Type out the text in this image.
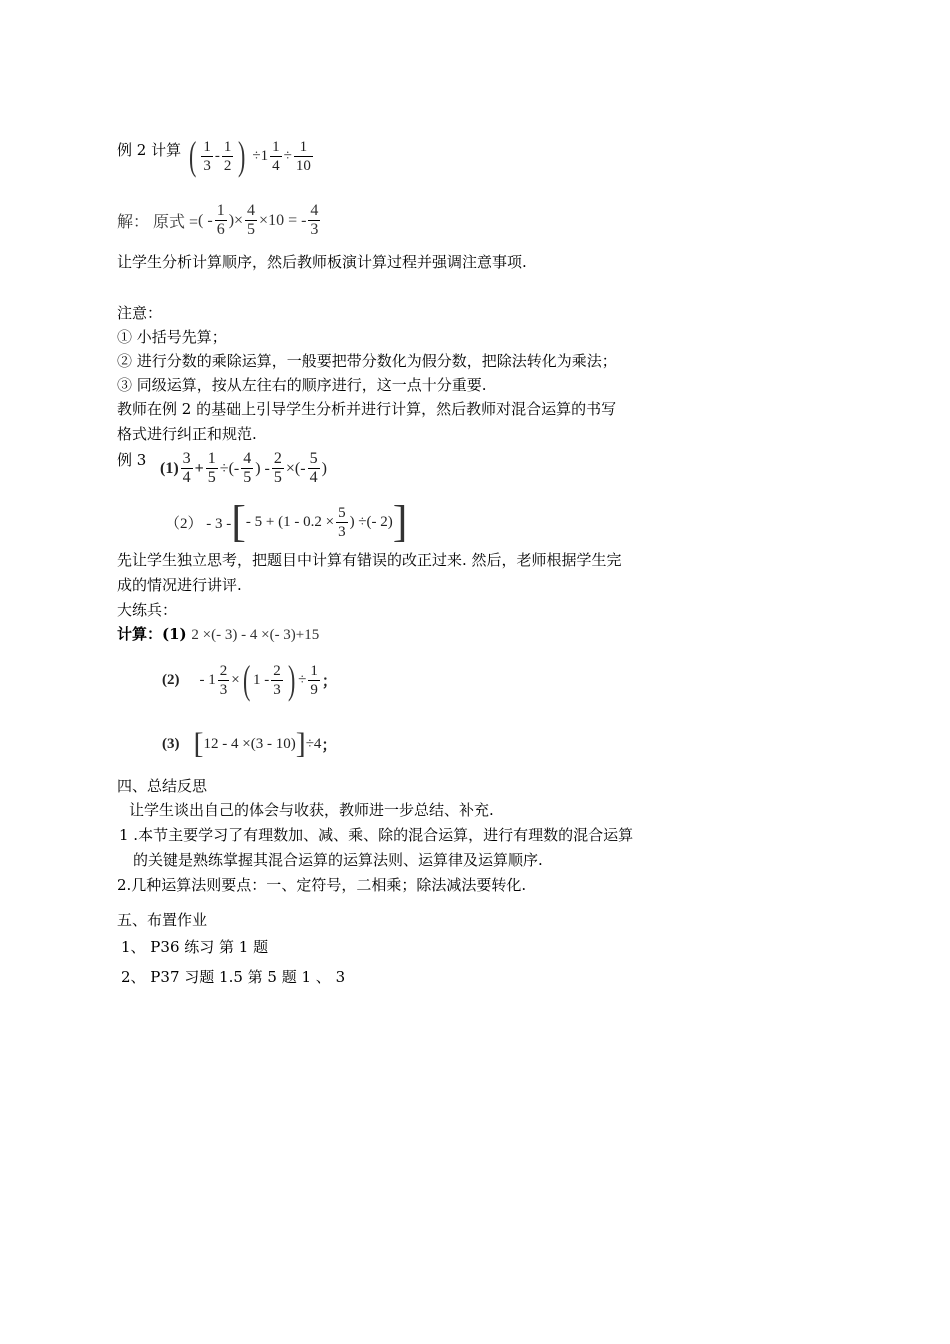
例 2 计算 ( $\frac{1}{3} - \frac{1}{2}$ ) $\div 1 \frac{1}{4} \div \frac{1}{10}$
解： 原式 =( - $\frac{1}{6}$ )× $\frac{4}{5} \times 10$ = - $\frac{4}{3}$
让学生分析计算顺序，然后教师板演计算过程并强调注意事项.
注意：
① 小括号先算；
② 进行分数的乘除运算，一般要把带分数化为假分数，把除法转化为乘法；
③ 同级运算，按从左往右的顺序进行，这一点十分重要.
教师在例 2 的基础上引导学生分析并进行计算，然后教师对混合运算的书写
格式进行纠正和规范.
例 3 $(1) \frac{3}{4} + \frac{1}{5}$ ÷(- $\frac{4}{5}$ ) - $\frac{2}{5}$ ×(- $\frac{5}{4}$ )
（2） - 3 -[- $5 + (1 - 0.2 \times \frac{5}{3}$ ) ÷(- 2)]
先让学生独立思考，把题目中计算有错误的改正过来. 然后，老师根据学生完
成的情况进行讲评.
大练兵：
计算：(1) 2 ×(- 3) - 4 ×(- 3)+15
$(2) - 1 \frac{2}{3}$ ×( $1 - \frac{2}{3}$ ) ÷ $\frac{1}{9}$ ；
(3) [12 - 4 ×(3 - 10)]÷4；
四、总结反思
让学生谈出自己的体会与收获，教师进一步总结、补充.
1 .本节主要学习了有理数加、减、乘、除的混合运算，进行有理数的混合运算
的关键是熟练掌握其混合运算的运算法则、运算律及运算顺序.
2.几种运算法则要点：一、定符号，二相乘；除法减法要转化.
五、布置作业
1、 P36 练习 第 1 题
2、 P37 习题 1.5 第 5 题 1 、 3
